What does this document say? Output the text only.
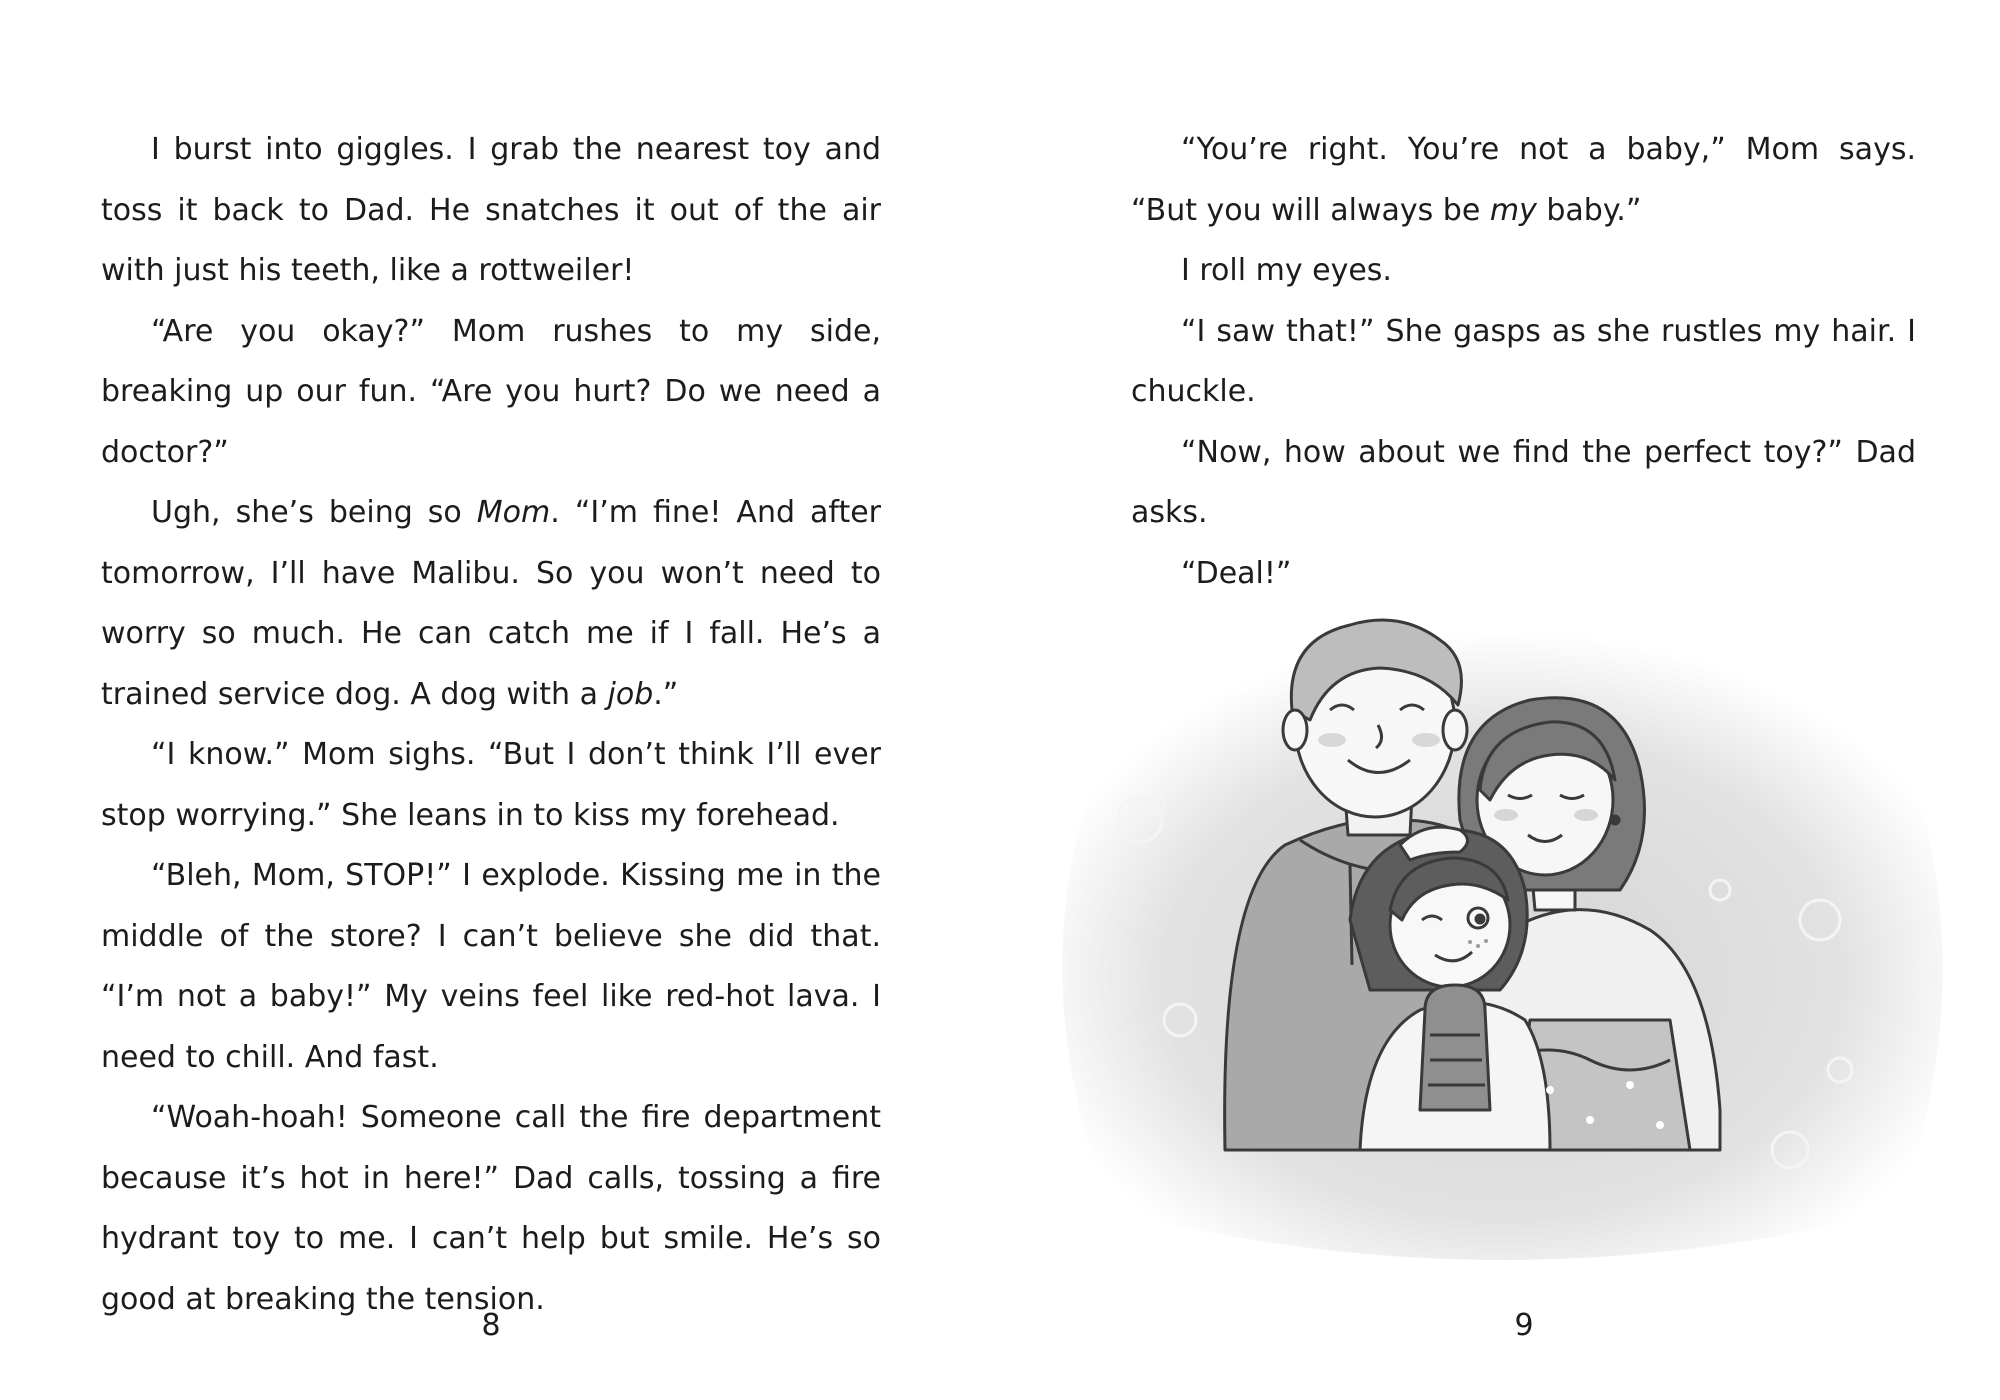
I burst into giggles. I grab the nearest toy and toss it back to Dad. He snatches it out of the air with just his teeth, like a rottweiler!

“Are you okay?” Mom rushes to my side, breaking up our fun. “Are you hurt? Do we need a doctor?”

Ugh, she’s being so Mom. “I’m fine! And after tomorrow, I’ll have Malibu. So you won’t need to worry so much. He can catch me if I fall. He’s a trained service dog. A dog with a job.”

“I know.” Mom sighs. “But I don’t think I’ll ever stop worrying.” She leans in to kiss my forehead.

“Bleh, Mom, STOP!” I explode. Kissing me in the middle of the store? I can’t believe she did that. “I’m not a baby!” My veins feel like red-hot lava. I need to chill. And fast.

“Woah-hoah! Someone call the fire department because it’s hot in here!” Dad calls, tossing a fire hydrant toy to me. I can’t help but smile. He’s so good at breaking the tension.

8

“You’re right. You’re not a baby,” Mom says. “But you will always be my baby.”

I roll my eyes.

“I saw that!” She gasps as she rustles my hair. I chuckle.

“Now, how about we find the perfect toy?” Dad asks.

“Deal!”

9
